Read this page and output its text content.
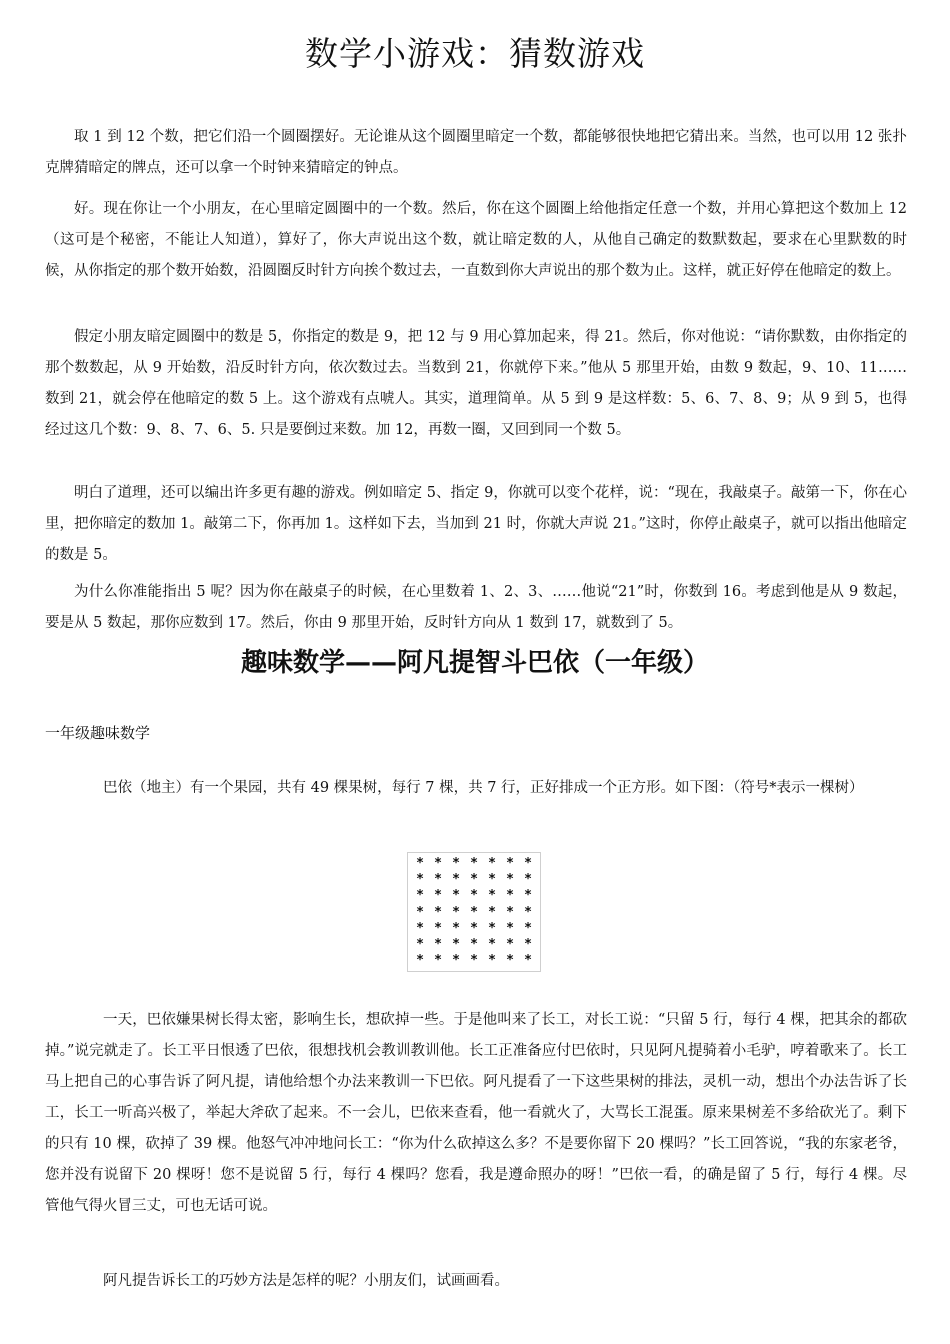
数学小游戏：猜数游戏

取 1 到 12 个数，把它们沿一个圆圈摆好。无论谁从这个圆圈里暗定一个数，都能够很快地把它猜出来。当然，也可以用 12 张扑克牌猜暗定的牌点，还可以拿一个时钟来猜暗定的钟点。

好。现在你让一个小朋友，在心里暗定圆圈中的一个数。然后，你在这个圆圈上给他指定任意一个数，并用心算把这个数加上 12　（这可是个秘密，不能让人知道），算好了，你大声说出这个数，就让暗定数的人，从他自己确定的数默数起，要求在心里默数的时候，从你指定的那个数开始数，沿圆圈反时针方向挨个数过去，一直数到你大声说出的那个数为止。这样，就正好停在他暗定的数上。

假定小朋友暗定圆圈中的数是 5，你指定的数是 9，把 12 与 9 用心算加起来，得 21。然后，你对他说：“请你默数，由你指定的那个数数起，从 9 开始数，沿反时针方向，依次数过去。当数到 21，你就停下来。”他从 5 那里开始，由数 9 数起，9、10、11……数到 21，就会停在他暗定的数 5 上。这个游戏有点唬人。其实，道理简单。从 5 到 9 是这样数：5、6、7、8、9；从 9 到 5，也得经过这几个数：9、8、7、6、5. 只是要倒过来数。加 12，再数一圈，又回到同一个数 5。

明白了道理，还可以编出许多更有趣的游戏。例如暗定 5、指定 9，你就可以变个花样，说：“现在，我敲桌子。敲第一下，你在心里，把你暗定的数加 1。敲第二下，你再加 1。这样如下去，当加到 21 时，你就大声说 21。”这时，你停止敲桌子，就可以指出他暗定的数是 5。

为什么你准能指出 5 呢？因为你在敲桌子的时候，在心里数着 1、2、3、……他说“21”时，你数到 16。考虑到他是从 9 数起，要是从 5 数起，那你应数到 17。然后，你由 9 那里开始，反时针方向从 1 数到 17，就数到了 5。

趣味数学——阿凡提智斗巴依（一年级）
一年级趣味数学

巴依（地主）有一个果园，共有 49 棵果树，每行 7 棵，共 7 行，正好排成一个正方形。如下图：（符号*表示一棵树）

* * * * * * *
* * * * * * *
* * * * * * *
* * * * * * *
* * * * * * *
* * * * * * *
* * * * * * *

一天，巴依嫌果树长得太密，影响生长，想砍掉一些。于是他叫来了长工，对长工说：“只留 5 行，每行 4 棵，把其余的都砍掉。”说完就走了。长工平日恨透了巴依，很想找机会教训教训他。长工正准备应付巴依时，只见阿凡提骑着小毛驴，哼着歌来了。长工马上把自己的心事告诉了阿凡提，请他给想个办法来教训一下巴依。阿凡提看了一下这些果树的排法，灵机一动，想出个办法告诉了长工，长工一听高兴极了，举起大斧砍了起来。不一会儿，巴依来查看，他一看就火了，大骂长工混蛋。原来果树差不多给砍光了。剩下的只有 10 棵，砍掉了 39 棵。他怒气冲冲地问长工：“你为什么砍掉这么多？不是要你留下 20 棵吗？”长工回答说，“我的东家老爷，您并没有说留下 20 棵呀！您不是说留 5 行，每行 4 棵吗？您看，我是遵命照办的呀！”巴依一看，的确是留了 5 行，每行 4 棵。尽管他气得火冒三丈，可也无话可说。

阿凡提告诉长工的巧妙方法是怎样的呢？小朋友们，试画画看。
